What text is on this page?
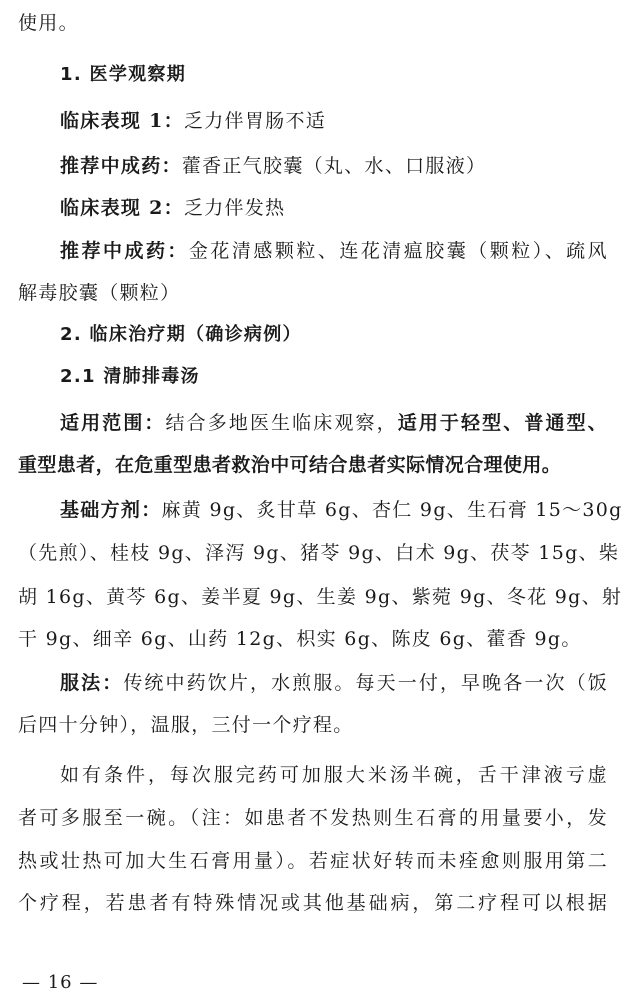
使用。
1. 医学观察期
临床表现 1：乏力伴胃肠不适
推荐中成药：藿香正气胶囊（丸、水、口服液）
临床表现 2：乏力伴发热
推荐中成药：金花清感颗粒、连花清瘟胶囊（颗粒）、疏风
解毒胶囊（颗粒）
2. 临床治疗期（确诊病例）
2.1 清肺排毒汤
适用范围：结合多地医生临床观察，适用于轻型、普通型、
重型患者，在危重型患者救治中可结合患者实际情况合理使用。
基础方剂：麻黄 9g、炙甘草 6g、杏仁 9g、生石膏 15～30g
（先煎）、桂枝 9g、泽泻 9g、猪苓 9g、白术 9g、茯苓 15g、柴
胡 16g、黄芩 6g、姜半夏 9g、生姜 9g、紫菀 9g、冬花 9g、射
干 9g、细辛 6g、山药 12g、枳实 6g、陈皮 6g、藿香 9g。
服法：传统中药饮片，水煎服。每天一付，早晚各一次（饭
后四十分钟），温服，三付一个疗程。
如有条件，每次服完药可加服大米汤半碗，舌干津液亏虚
者可多服至一碗。（注：如患者不发热则生石膏的用量要小，发
热或壮热可加大生石膏用量）。若症状好转而未痊愈则服用第二
个疗程，若患者有特殊情况或其他基础病，第二疗程可以根据
— 16 —
